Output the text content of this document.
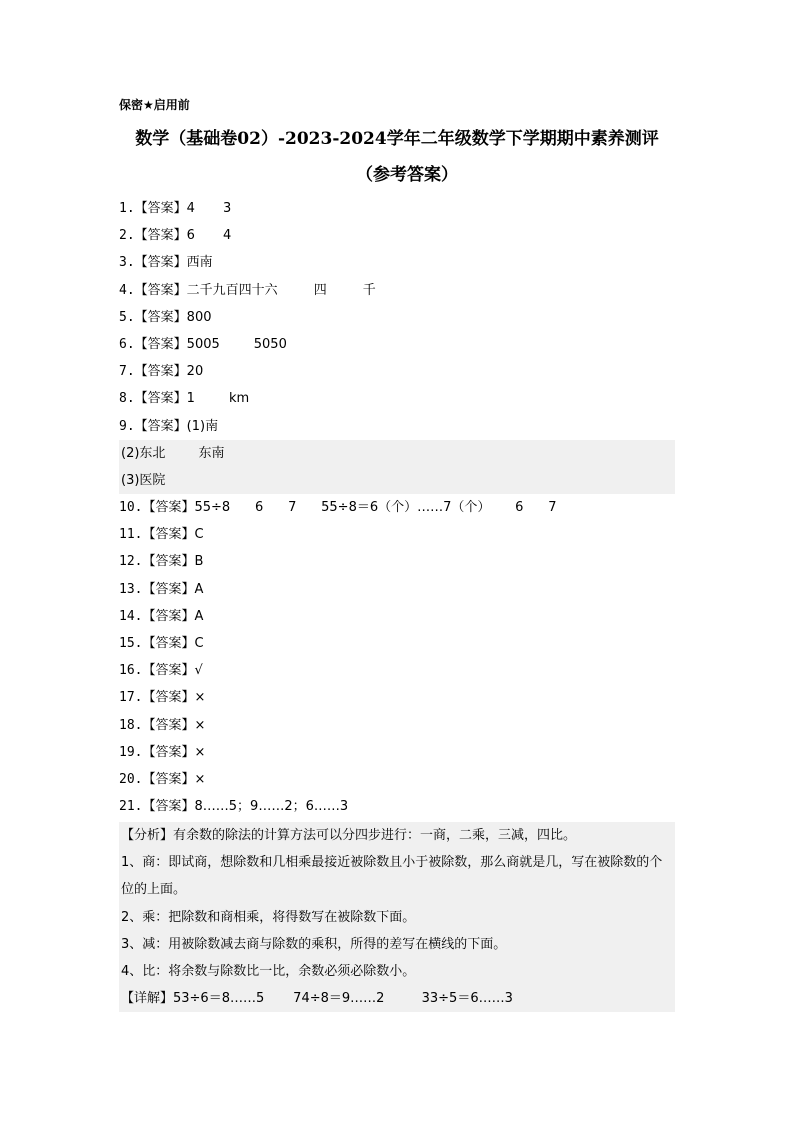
保密★启用前
数学（基础卷02）-2023-2024学年二年级数学下学期期中素养测评
（参考答案）
1.【答案】4 3
2.【答案】6 4
3.【答案】西南
4.【答案】二千九百四十六	四	千
5.【答案】800
6.【答案】5005	5050
7.【答案】20
8.【答案】1	km
9.【答案】(1)南
(2)东北        东南
(3)医院
10.【答案】55÷8      6      7      55÷8＝6（个）……7（个）      6      7
11.【答案】C
12.【答案】B
13.【答案】A
14.【答案】A
15.【答案】C
16.【答案】√
17.【答案】×
18.【答案】×
19.【答案】×
20.【答案】×
21.【答案】8……5；9……2；6……3
【分析】有余数的除法的计算方法可以分四步进行：一商，二乘，三减，四比。
1、商：即试商，想除数和几相乘最接近被除数且小于被除数，那么商就是几，写在被除数的个位的上面。
2、乘：把除数和商相乘，将得数写在被除数下面。
3、减：用被除数减去商与除数的乘积，所得的差写在横线的下面。
4、比：将余数与除数比一比，余数必须必除数小。
【详解】53÷6＝8……5       74÷8＝9……2         33÷5＝6……3
